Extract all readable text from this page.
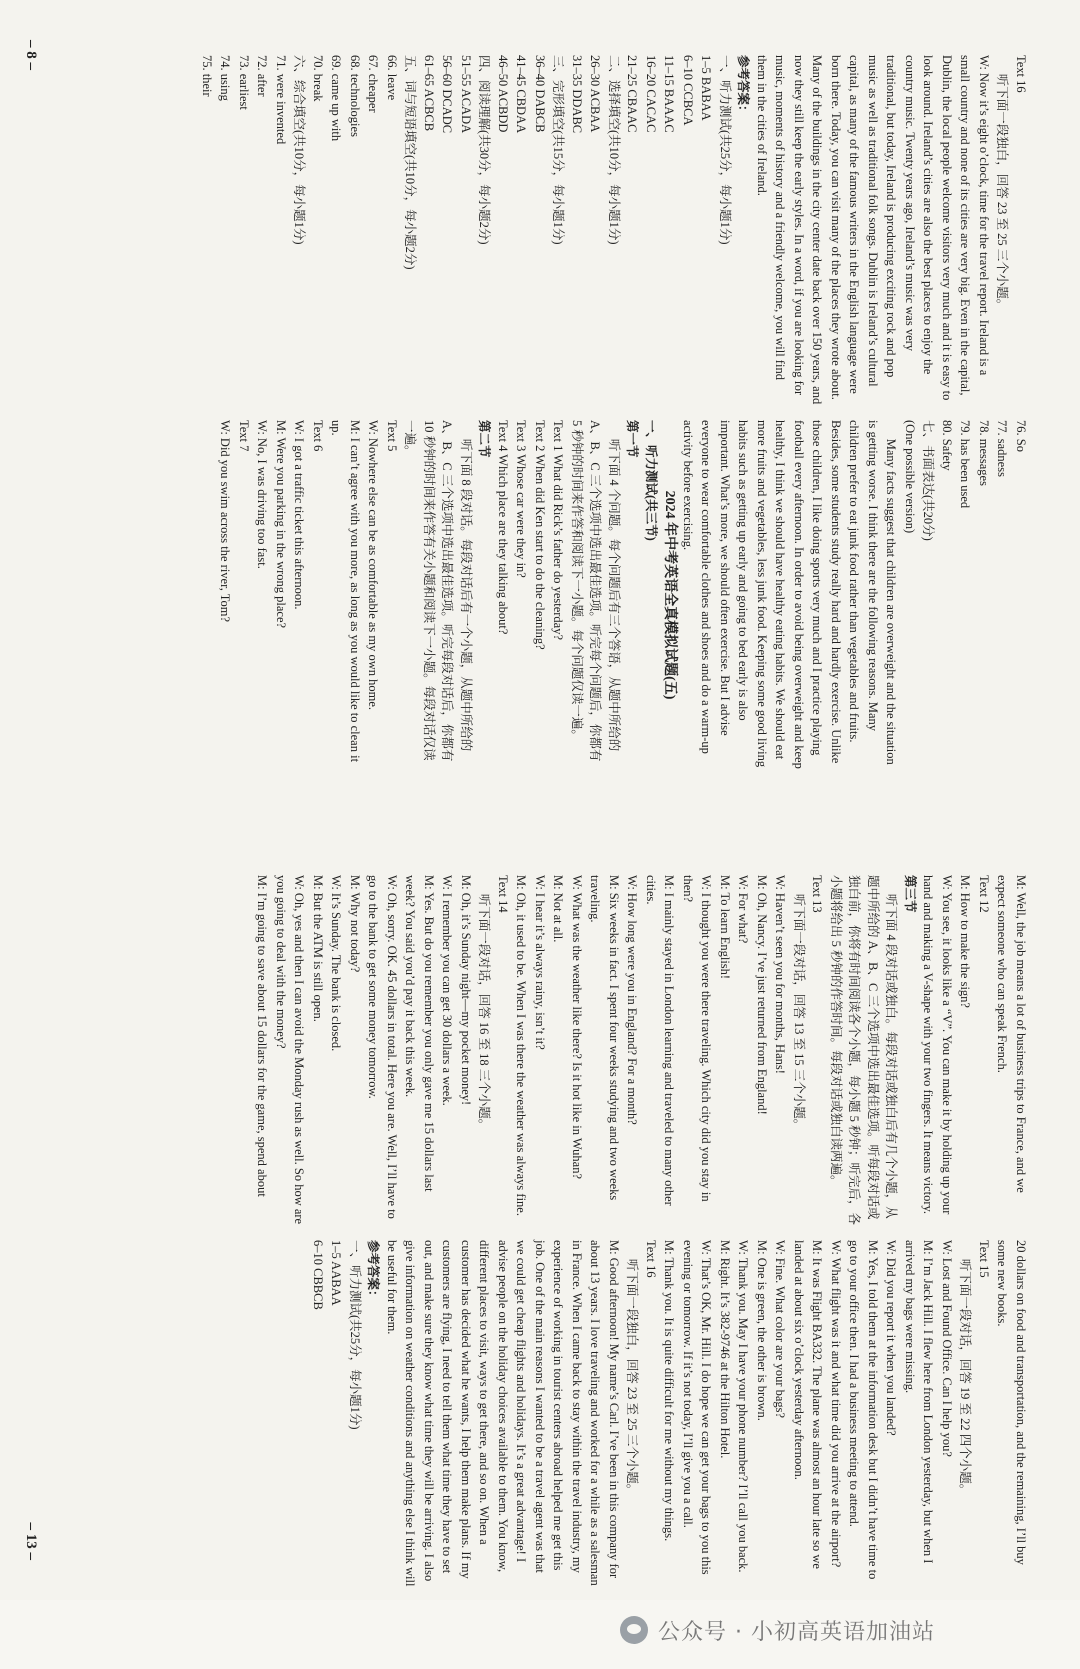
Text 16

听下面一段独白，回答 23 至 25 三个小题。

W: Now it’s eight o’clock, time for the travel report. Ireland is a small country and none of its cities are very big. Even in the capital, Dublin, the local people welcome visitors very much and it is easy to look around. Ireland’s cities are also the best places to enjoy the country music. Twenty years ago, Ireland’s music was very traditional, but today, Ireland is producing exciting rock and pop music as well as traditional folk songs. Dublin is Ireland’s cultural capital, as many of the famous writers in the English language were born there. Today, you can visit many of the places they wrote about. Many of the buildings in the city center date back over 150 years, and now they still keep the early styles. In a word, if you are looking for music, moments of history and a friendly welcome, you will find them in the cities of Ireland.

参考答案：

一、听力测试(共25分，每小题1分)

1–5 BABAA

6–10 CCBCA

11–15 BAAAC

16–20 CACAC

21–25 CBAAC

二、选择填空(共10分，每小题1分)

26–30 ACBAA

31–35 DDABC

三、完形填空(共15分，每小题1分)

36–40 DABCB

41–45 CBDAA

46–50 ACBDD

四、阅读理解(共30分，每小题2分)

51–55 ACADA

56–60 DCADC

61–65 ACBCB

五、词与短语填空(共10分，每小题2分)

66. leave

67. cheaper

68. technologies

69. came up with

70. break

六、综合填空(共10分，每小题1分)

71. were invented

72. after

73. earliest

74. using

75. their

76. So

77. sadness

78. messages

79. has been used

80. Safety

七、书面表达(共20分)

(One possible version)

Many facts suggest that children are overweight and the situation is getting worse. I think there are the following reasons. Many children prefer to eat junk food rather than vegetables and fruits. Besides, some students study really hard and hardly exercise. Unlike those children, I like doing sports very much and I practice playing football every afternoon. In order to avoid being overweight and keep healthy, I think we should have healthy eating habits. We should eat more fruits and vegetables, less junk food. Keeping some good living habits such as getting up early and going to bed early is also important. What’s more, we should often exercise. But I advise everyone to wear comfortable clothes and shoes and do a warm-up activity before exercising.

2024 年中考英语全真模拟试题(五)

一、听力测试(共三节)

第一节

听下面 4 个问题。每个问题后有三个答语，从题中所给的 A、B、C 三个选项中选出最佳选项。听完每个问题后，你都有 5 秒钟的时间来作答和阅读下一小题。每个问题仅读一遍。

Text 1 What did Rick’s father do yesterday?

Text 2 When did Ken start to do the cleaning?

Text 3 Whose car were they in?

Text 4 Which place are they talking about?

第二节

听下面 8 段对话。每段对话后有一个小题，从题中所给的 A、B、C 三个选项中选出最佳选项。听完每段对话后，你都有 10 秒钟的时间来作答有关小题和阅读下一小题。每段对话仅读一遍。

Text 5

W: Nowhere else can be as comfortable as my own home.

M: I can’t agree with you more, as long as you would like to clean it up.

Text 6

W: I got a traffic ticket this afternoon.

M: Were you parking in the wrong place?

W: No, I was driving too fast.

Text 7

W: Did you swim across the river, Tom?

– 8 –

M: Well, the job means a lot of business trips to France, and we expect someone who can speak French.

Text 12

M: How to make the sign?

W: You see, it looks like a “V”. You can make it by holding up your hand and making a V-shape with your two fingers. It means victory.

第三节

听下面 4 段对话或独白。每段对话或独白后有几个小题，从题中所给的 A、B、C 三个选项中选出最佳选项。听每段对话或独白前，你将有时间阅读各个小题，每小题 5 秒钟；听完后，各小题将给出 5 秒钟的作答时间。每段对话或独白读两遍。

Text 13

听下面一段对话，回答 13 至 15 三个小题。

W: Haven’t seen you for months, Hans!

M: Oh, Nancy. I’ve just returned from England!

W: For what?

M: To learn English!

W: I thought you were there traveling. Which city did you stay in then?

M: I mainly stayed in London learning and traveled to many other cities.

W: How long were you in England? For a month?

M: Six weeks in fact. I spent four weeks studying and two weeks traveling.

W: What was the weather like there? Is it hot like in Wuhan?

M: Not at all.

W: I hear it’s always rainy, isn’t it?

M: Oh, it used to be. When I was there the weather was always fine.

Text 14

听下面一段对话，回答 16 至 18 三个小题。

M: Oh, it’s Sunday night—my pocket money!

W: I remember you can get 30 dollars a week.

M: Yes. But do you remember you only gave me 15 dollars last week? You said you’d pay it back this week.

W: Oh, sorry. OK. 45 dollars in total. Here you are. Well, I’ll have to go to the bank to get some money tomorrow.

M: Why not today?

W: It’s Sunday. The bank is closed.

M: But the ATM is still open.

W: Oh, yes and then I can avoid the Monday rush as well. So how are you going to deal with the money?

M: I’m going to save about 15 dollars for the game, spend about

20 dollars on food and transportation, and the remaining, I’ll buy some new books.

Text 15

听下面一段对话，回答 19 至 22 四个小题。

W: Lost and Found Office. Can I help you?

M: I’m Jack Hill. I flew here from London yesterday, but when I arrived my bags were missing.

W: Did you report it when you landed?

M: Yes, I told them at the information desk but I didn’t have time to go to your office then. I had a business meeting to attend.

W: What flight was it and what time did you arrive at the airport?

M: It was Flight BA332. The plane was almost an hour late so we landed at about six o’clock yesterday afternoon.

W: Fine. What color are your bags?

M: One is green, the other is brown.

W: Thank you. May I have your phone number? I’ll call you back.

M: Right. It’s 382-9746 at the Hilton Hotel.

W: That’s OK, Mr. Hill. I do hope we can get your bags to you this evening or tomorrow. If it’s not today, I’ll give you a call.

M: Thank you. It is quite difficult for me without my things.

Text 16

听下面一段独白，回答 23 至 25 三个小题。

M: Good afternoon! My name’s Carl. I’ve been in this company for about 13 years. I love traveling and worked for a while as a salesman in France. When I came back to stay within the travel industry, my experience of working in tourist centers abroad helped me get this job. One of the main reasons I wanted to be a travel agent was that we could get cheap flights and holidays. It’s a great advantage! I advise people on the holiday choices available to them. You know, different places to visit, ways to get there, and so on. When a customer has decided what he wants, I help them make plans. If my customers are flying, I need to tell them what time they have to set out, and make sure they know what time they will be arriving. I also give information on weather conditions and anything else I think will be useful for them.

参考答案：

一、听力测试(共25分，每小题1分)

1–5 AABAA

6–10 CBBCB

– 13 –
公众号 · 小初高英语加油站
